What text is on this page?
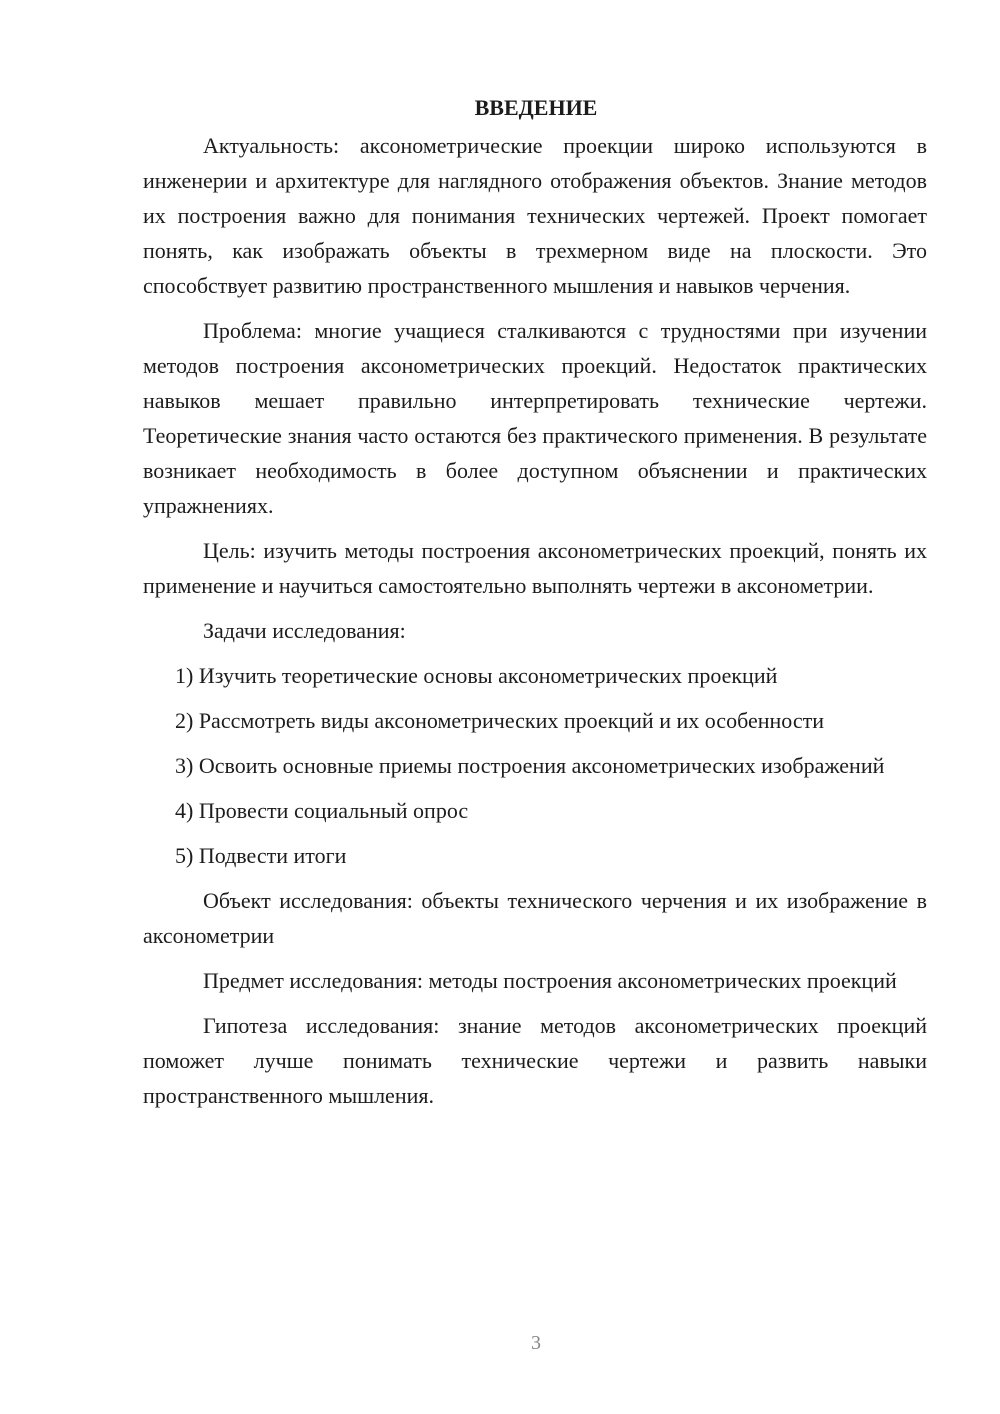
ВВЕДЕНИЕ

Актуальность: аксонометрические проекции широко используются в инженерии и архитектуре для наглядного отображения объектов. Знание методов их построения важно для понимания технических чертежей. Проект помогает понять, как изображать объекты в трехмерном виде на плоскости. Это способствует развитию пространственного мышления и навыков черчения.

Проблема: многие учащиеся сталкиваются с трудностями при изучении методов построения аксонометрических проекций. Недостаток практических навыков мешает правильно интерпретировать технические чертежи. Теоретические знания часто остаются без практического применения. В результате возникает необходимость в более доступном объяснении и практических упражнениях.

Цель: изучить методы построения аксонометрических проекций, понять их применение и научиться самостоятельно выполнять чертежи в аксонометрии.

Задачи исследования:

1) Изучить теоретические основы аксонометрических проекций

2) Рассмотреть виды аксонометрических проекций и их особенности

3) Освоить основные приемы построения аксонометрических изображений

4) Провести социальный опрос

5) Подвести итоги

Объект исследования: объекты технического черчения и их изображение в аксонометрии

Предмет исследования: методы построения аксонометрических проекций

Гипотеза исследования: знание методов аксонометрических проекций поможет лучше понимать технические чертежи и развить навыки пространственного мышления.

3
